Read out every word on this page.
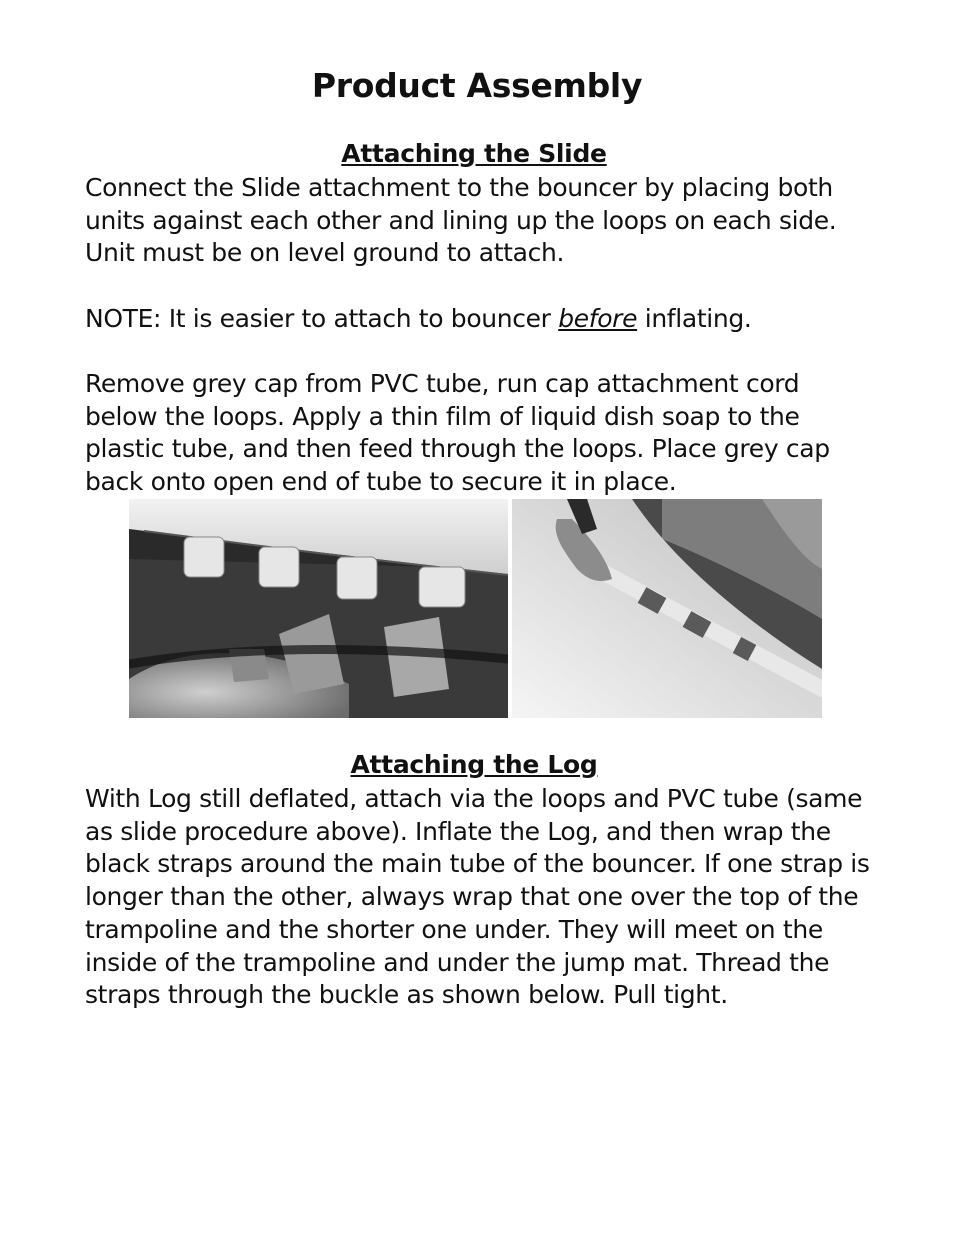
Product Assembly
Attaching the Slide

Connect the Slide attachment to the bouncer by placing both units against each other and lining up the loops on each side. Unit must be on level ground to attach.

NOTE: It is easier to attach to bouncer before inflating.

Remove grey cap from PVC tube, run cap attachment cord below the loops. Apply a thin film of liquid dish soap to the plastic tube, and then feed through the loops. Place grey cap back onto open end of tube to secure it in place.

Attaching the Log

With Log still deflated, attach via the loops and PVC tube (same as slide procedure above). Inflate the Log, and then wrap the black straps around the main tube of the bouncer. If one strap is longer than the other, always wrap that one over the top of the trampoline and the shorter one under. They will meet on the inside of the trampoline and under the jump mat. Thread the straps through the buckle as shown below. Pull tight.
